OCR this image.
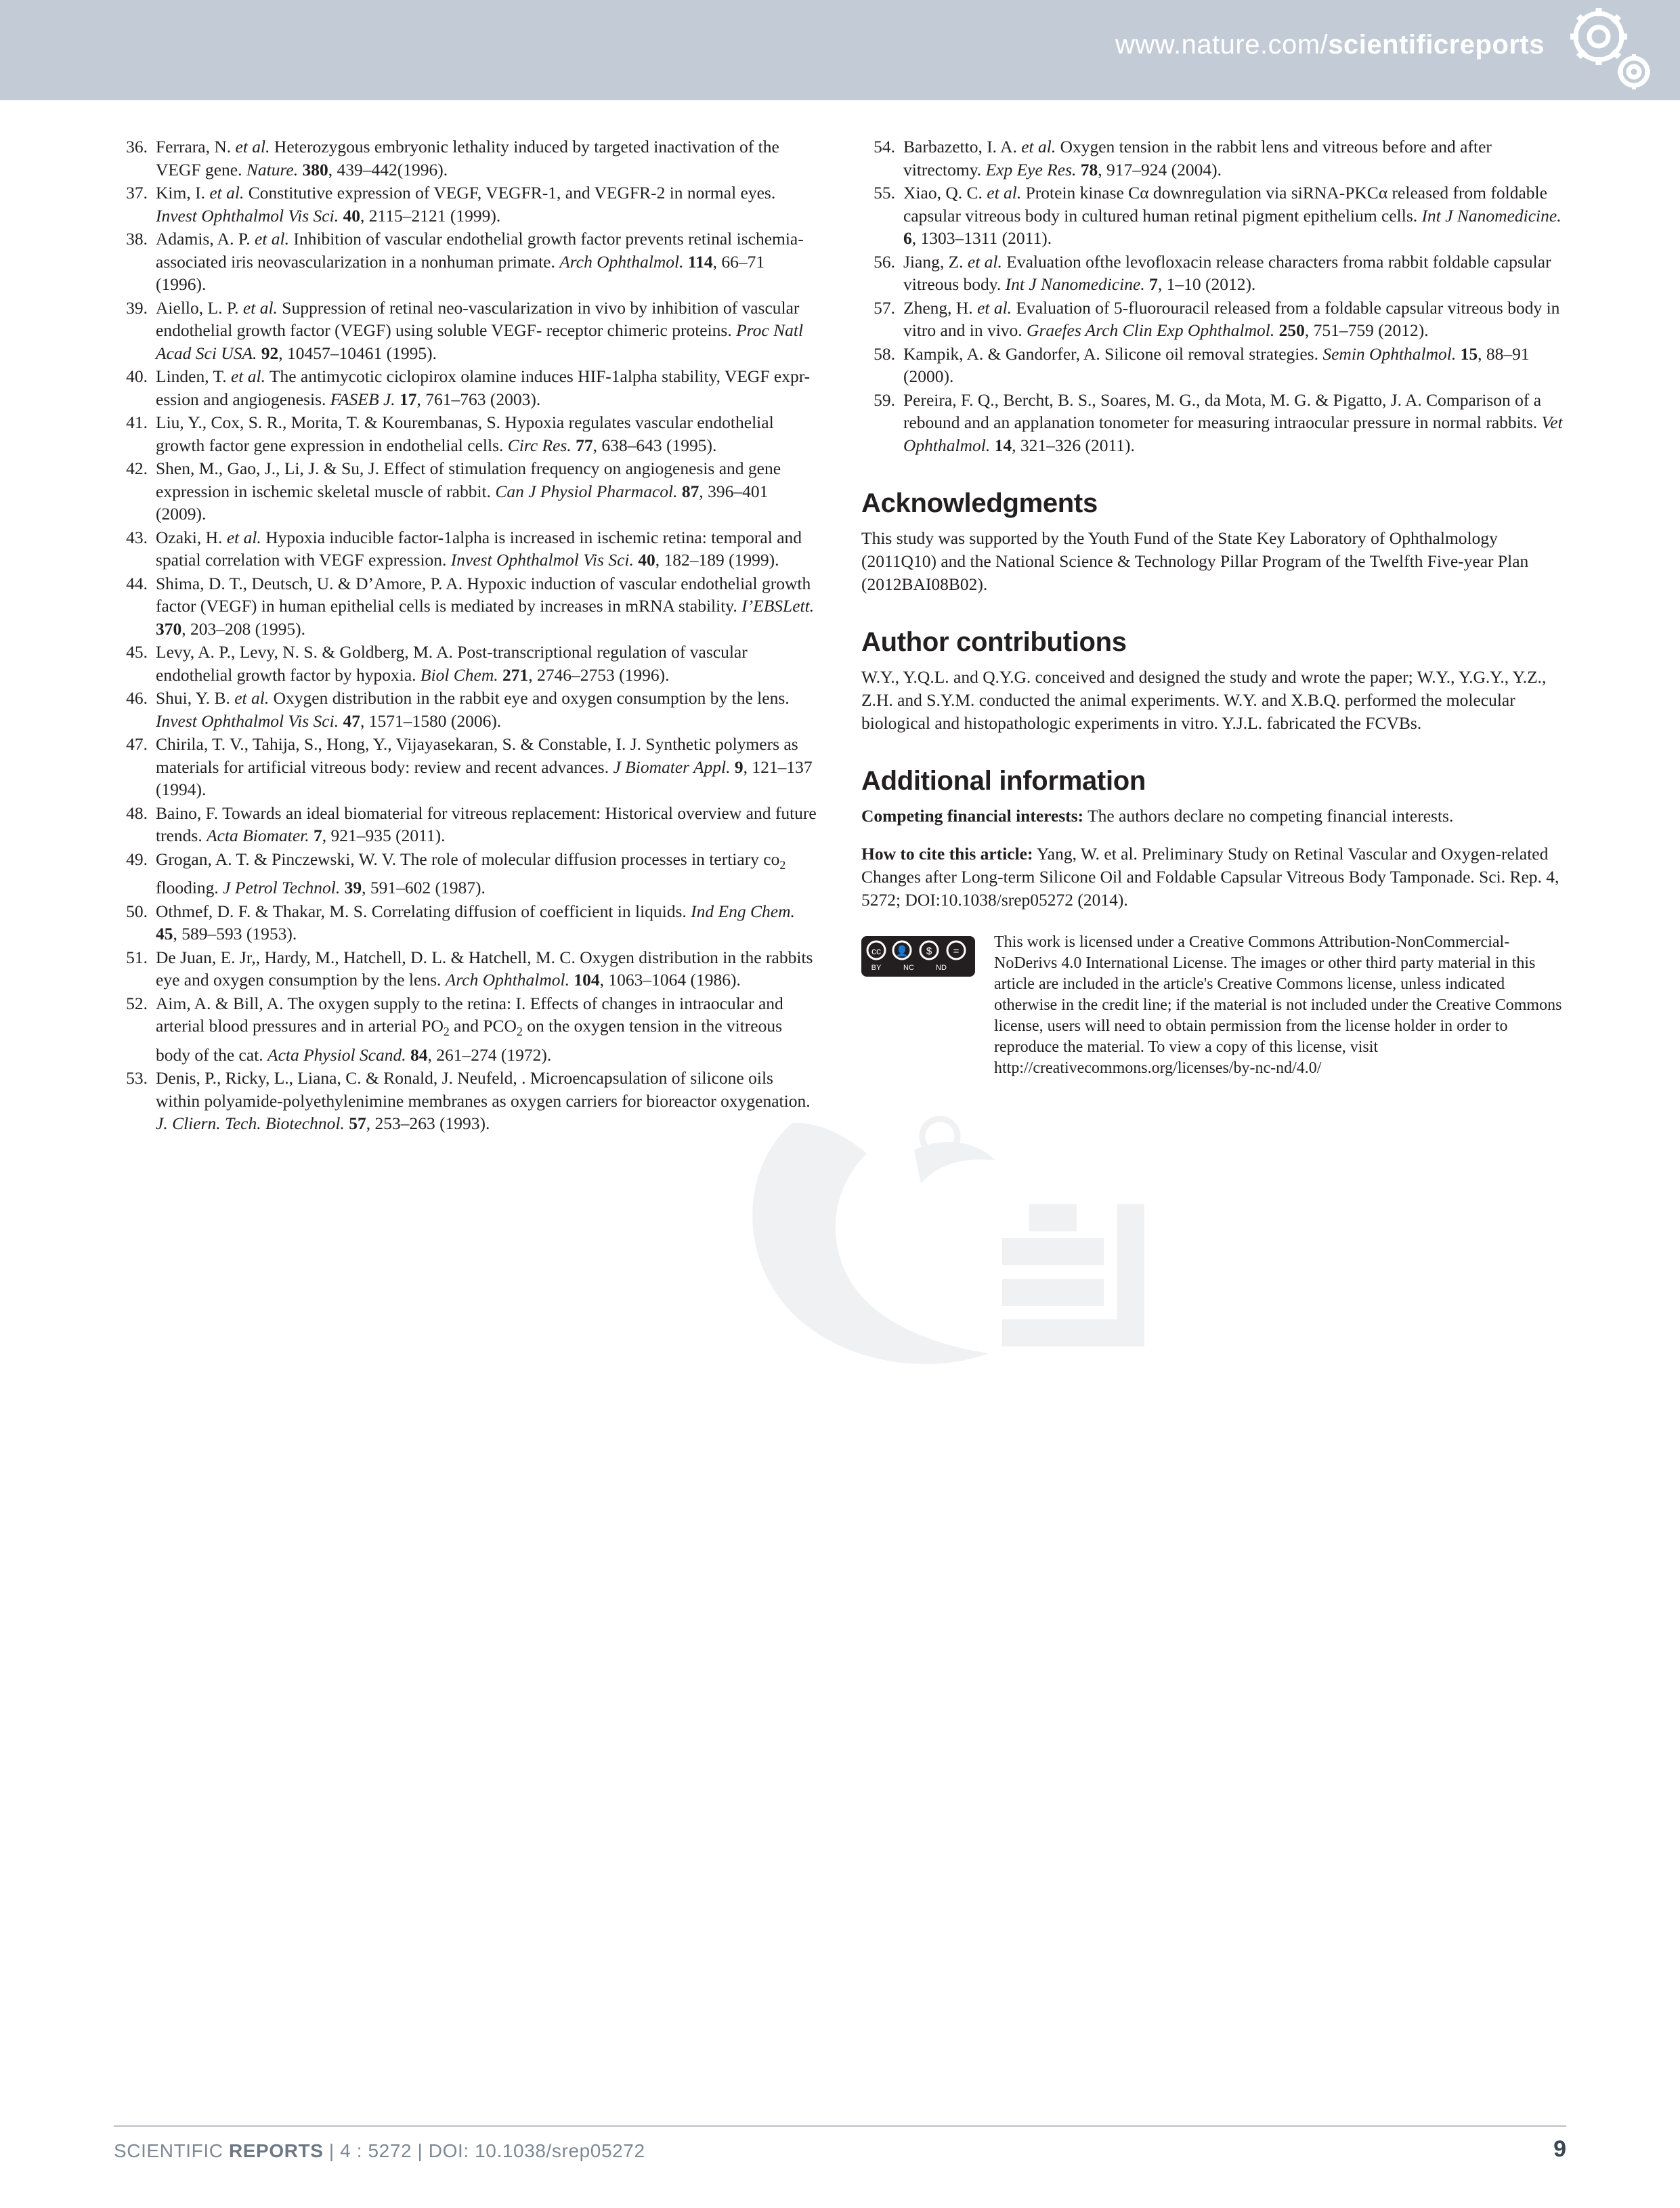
www.nature.com/scientificreports
36. Ferrara, N. et al. Heterozygous embryonic lethality induced by targeted inactivation of the VEGF gene. Nature. 380, 439–442(1996).
37. Kim, I. et al. Constitutive expression of VEGF, VEGFR-1, and VEGFR-2 in normal eyes. Invest Ophthalmol Vis Sci. 40, 2115–2121 (1999).
38. Adamis, A. P. et al. Inhibition of vascular endothelial growth factor prevents retinal ischemia-associated iris neovascularization in a nonhuman primate. Arch Ophthalmol. 114, 66–71 (1996).
39. Aiello, L. P. et al. Suppression of retinal neo-vascularization in vivo by inhibition of vascular endothelial growth factor (VEGF) using soluble VEGF- receptor chimeric proteins. Proc Natl Acad Sci USA. 92, 10457–10461 (1995).
40. Linden, T. et al. The antimycotic ciclopirox olamine induces HIF-1alpha stability, VEGF expr- ession and angiogenesis. FASEB J. 17, 761–763 (2003).
41. Liu, Y., Cox, S. R., Morita, T. & Kourembanas, S. Hypoxia regulates vascular endothelial growth factor gene expression in endothelial cells. Circ Res. 77, 638–643 (1995).
42. Shen, M., Gao, J., Li, J. & Su, J. Effect of stimulation frequency on angiogenesis and gene expression in ischemic skeletal muscle of rabbit. Can J Physiol Pharmacol. 87, 396–401 (2009).
43. Ozaki, H. et al. Hypoxia inducible factor-1alpha is increased in ischemic retina: temporal and spatial correlation with VEGF expression. Invest Ophthalmol Vis Sci. 40, 182–189 (1999).
44. Shima, D. T., Deutsch, U. & D’Amore, P. A. Hypoxic induction of vascular endothelial growth factor (VEGF) in human epithelial cells is mediated by increases in mRNA stability. I’EBSLett. 370, 203–208 (1995).
45. Levy, A. P., Levy, N. S. & Goldberg, M. A. Post-transcriptional regulation of vascular endothelial growth factor by hypoxia. Biol Chem. 271, 2746–2753 (1996).
46. Shui, Y. B. et al. Oxygen distribution in the rabbit eye and oxygen consumption by the lens. Invest Ophthalmol Vis Sci. 47, 1571–1580 (2006).
47. Chirila, T. V., Tahija, S., Hong, Y., Vijayasekaran, S. & Constable, I. J. Synthetic polymers as materials for artificial vitreous body: review and recent advances. J Biomater Appl. 9, 121–137 (1994).
48. Baino, F. Towards an ideal biomaterial for vitreous replacement: Historical overview and future trends. Acta Biomater. 7, 921–935 (2011).
49. Grogan, A. T. & Pinczewski, W. V. The role of molecular diffusion processes in tertiary $co_2$ flooding. J Petrol Technol. 39, 591–602 (1987).
50. Othmef, D. F. & Thakar, M. S. Correlating diffusion of coefficient in liquids. Ind Eng Chem. 45, 589–593 (1953).
51. De Juan, E. Jr,, Hardy, M., Hatchell, D. L. & Hatchell, M. C. Oxygen distribution in the rabbits eye and oxygen consumption by the lens. Arch Ophthalmol. 104, 1063–1064 (1986).
52. Aim, A. & Bill, A. The oxygen supply to the retina: I. Effects of changes in intraocular and arterial blood pressures and in arterial $PO_2$ and $PCO_2$ on the oxygen tension in the vitreous body of the cat. Acta Physiol Scand. 84, 261–274 (1972).
53. Denis, P., Ricky, L., Liana, C. & Ronald, J. Neufeld, . Microencapsulation of silicone oils within polyamide-polyethylenimine membranes as oxygen carriers for bioreactor oxygenation. J. Cliern. Tech. Biotechnol. 57, 253–263 (1993).
54. Barbazetto, I. A. et al. Oxygen tension in the rabbit lens and vitreous before and after vitrectomy. Exp Eye Res. 78, 917–924 (2004).
55. Xiao, Q. C. et al. Protein kinase Cα downregulation via siRNA-PKCα released from foldable capsular vitreous body in cultured human retinal pigment epithelium cells. Int J Nanomedicine. 6, 1303–1311 (2011).
56. Jiang, Z. et al. Evaluation ofthe levofloxacin release characters froma rabbit foldable capsular vitreous body. Int J Nanomedicine. 7, 1–10 (2012).
57. Zheng, H. et al. Evaluation of 5-fluorouracil released from a foldable capsular vitreous body in vitro and in vivo. Graefes Arch Clin Exp Ophthalmol. 250, 751–759 (2012).
58. Kampik, A. & Gandorfer, A. Silicone oil removal strategies. Semin Ophthalmol. 15, 88–91 (2000).
59. Pereira, F. Q., Bercht, B. S., Soares, M. G., da Mota, M. G. & Pigatto, J. A. Comparison of a rebound and an applanation tonometer for measuring intraocular pressure in normal rabbits. Vet Ophthalmol. 14, 321–326 (2011).
Acknowledgments

This study was supported by the Youth Fund of the State Key Laboratory of Ophthalmology (2011Q10) and the National Science & Technology Pillar Program of the Twelfth Five-year Plan (2012BAI08B02).

Author contributions

W.Y., Y.Q.L. and Q.Y.G. conceived and designed the study and wrote the paper; W.Y., Y.G.Y., Y.Z., Z.H. and S.Y.M. conducted the animal experiments. W.Y. and X.B.Q. performed the molecular biological and histopathologic experiments in vitro. Y.J.L. fabricated the FCVBs.

Additional information

Competing financial interests: The authors declare no competing financial interests.

How to cite this article: Yang, W. et al. Preliminary Study on Retinal Vascular and Oxygen-related Changes after Long-term Silicone Oil and Foldable Capsular Vitreous Body Tamponade. Sci. Rep. 4, 5272; DOI:10.1038/srep05272 (2014).

cc 👤 $ =
BY	NC	ND
This work is licensed under a Creative Commons Attribution-NonCommercial-NoDerivs 4.0 International License. The images or other third party material in this article are included in the article's Creative Commons license, unless indicated otherwise in the credit line; if the material is not included under the Creative Commons license, users will need to obtain permission from the license holder in order to reproduce the material. To view a copy of this license, visit http://creativecommons.org/licenses/by-nc-nd/4.0/
SCIENTIFIC REPORTS | 4 : 5272 | DOI: 10.1038/srep05272	9
